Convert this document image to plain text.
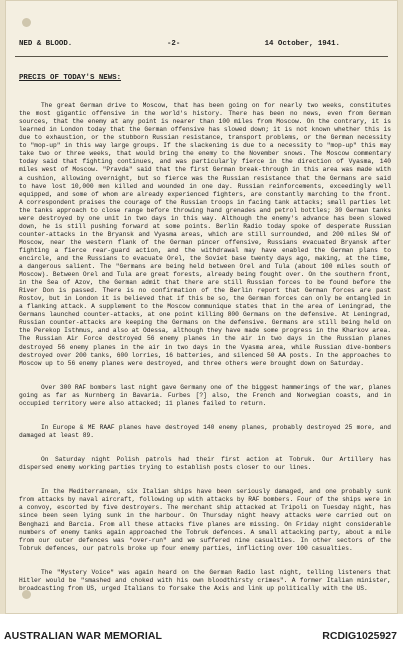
NED & BLOOD.	-2-	14 October, 1941.
PRECIS OF TODAY'S NEWS:

The great German drive to Moscow, that has been going on for nearly two weeks, constitutes the most gigantic offensive in the world's history. There has been no news, even from German sources, that the enemy at any point is nearer than 100 miles from Moscow. On the contrary, it is learned in London today that the German offensive has slowed down; it is not known whether this is due to exhaustion, or the stubborn Russian resistance, transport problems, or the German necessity to "mop-up" in this way large groups. If the slackening is due to a necessity to "mop-up" this may take two or three weeks, that would bring the enemy to the November snows. The Moscow commentary today said that fighting continues, and was particularly fierce in the direction of Vyasma, 140 miles west of Moscow. "Pravda" said that the first German break-through in this area was made with a cushion, allowing overnight, but so fierce was the Russian resistance that the Germans are said to have lost 10,000 men killed and wounded in one day. Russian reinforcements, exceedingly well equipped, and some of whom are already experienced fighters, are constantly marching to the front. A correspondent praises the courage of the Russian troops in facing tank attacks; small parties let the tanks approach to close range before throwing hand grenades and petrol bottles; 30 German tanks were destroyed by one unit in two days in this way. Although the enemy's advance has been slowed down, he is still pushing forward at some points. Berlin Radio today spoke of desperate Russian counter-attacks in the Bryansk and Vyasma areas, which are still surrounded, and 200 miles SW of Moscow, near the western flank of the German pincer offensive, Russians evacuated Bryansk after fighting a fierce rear-guard action, and the withdrawal may have enabled the German plans to encircle, and the Russians to evacuate Orel, the Soviet base twenty days ago, making, at the time, a dangerous salient. The "Germans are being held between Orel and Tula (about 100 miles south of Moscow). Between Orel and Tula are great forests, already being fought over. On the southern front, in the Sea of Azov, the German admit that there are still Russian forces to be found before the River Don is passed. There is no confirmation of the Berlin report that German forces are past Rostov, but in London it is believed that if this be so, the German forces can only be entangled in a flanking attack. A supplement to the Moscow communique states that in the area of Leningrad, the Germans launched counter-attacks, at one point killing 800 Germans on the defensive. At Leningrad, Russian counter-attacks are keeping the Germans on the defensive. Germans are still being held on the Perekop Isthmus, and also at Odessa, although they have made some progress in the Kharkov area. The Russian Air Force destroyed 56 enemy planes in the air in two days in the Russian planes destroyed 56 enemy planes in the air in two days in the Vyasma area, while Russian dive-bombers destroyed over 200 tanks, 600 lorries, 16 batteries, and silenced 50 AA posts. In the approaches to Moscow up to 56 enemy planes were destroyed, and three others were brought down on Saturday.

Over 300 RAF bombers last night gave Germany one of the biggest hammerings of the war, planes going as far as Nurnberg in Bavaria. Furbes [?] also, the French and Norwegian coasts, and in occupied territory were also attacked; 11 planes failed to return.

In Europe & ME RAAF planes have destroyed 140 enemy planes, probably destroyed 25 more, and damaged at least 89.

On Saturday night Polish patrols had their first action at Tobruk. Our Artillery has dispersed enemy working parties trying to establish posts closer to our lines.

In the Mediterranean, six Italian ships have been seriously damaged, and one probably sunk from attacks by naval aircraft, following up with attacks by RAF bombers. Four of the ships were in a convoy, escorted by five destroyers. The merchant ship attacked at Tripoli on Tuesday night, has since been seen lying sunk in the harbour. On Thursday night heavy attacks were carried out on Benghazi and Barcia. From all these attacks five planes are missing. On Friday night considerable numbers of enemy tanks again approached the Tobruk defences. A small attacking party, about a mile from our outer defences was "over-run" and we suffered nine casualties. In other sectors of the Tobruk defences, our patrols broke up four enemy parties, inflicting over 100 casualties.

The "Mystery Voice" was again heard on the German Radio last night, telling listeners that Hitler would be "smashed and choked with his own bloodthirsty crimes". A former Italian minister, broadcasting from US, urged Italians to forsake the Axis and link up politically with the US.

AUSTRALIAN WAR MEMORIAL	RCDIG1025927
